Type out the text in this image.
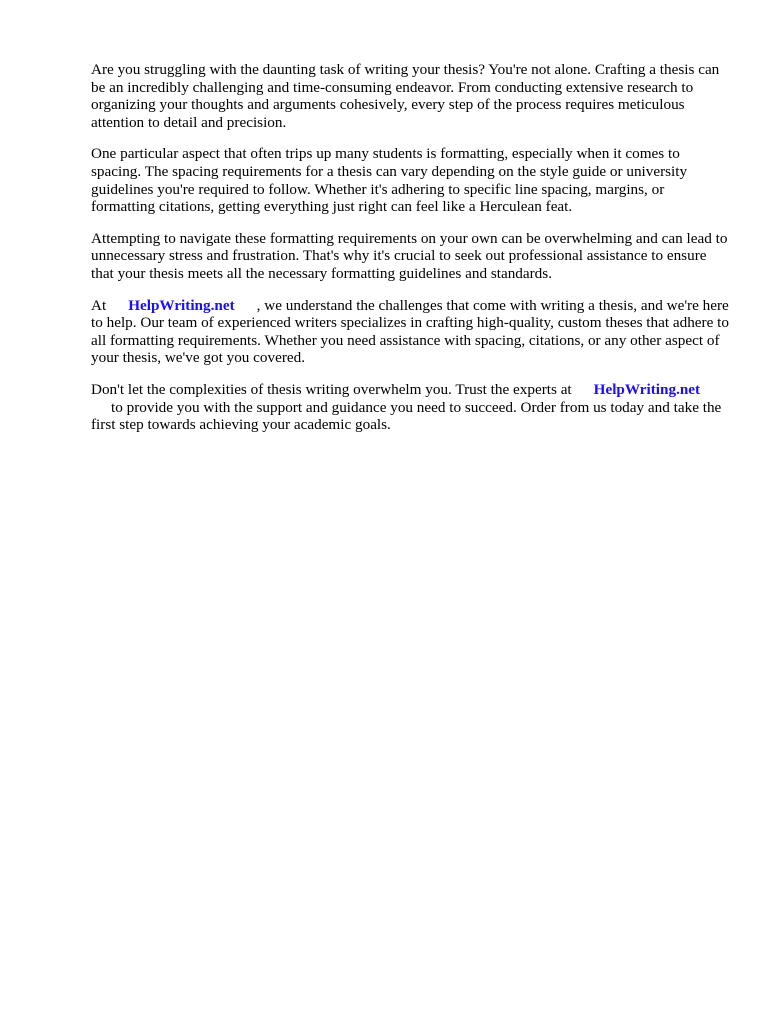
Are you struggling with the daunting task of writing your thesis? You're not alone. Crafting a thesis can be an incredibly challenging and time-consuming endeavor. From conducting extensive research to organizing your thoughts and arguments cohesively, every step of the process requires meticulous attention to detail and precision.

One particular aspect that often trips up many students is formatting, especially when it comes to spacing. The spacing requirements for a thesis can vary depending on the style guide or university guidelines you're required to follow. Whether it's adhering to specific line spacing, margins, or formatting citations, getting everything just right can feel like a Herculean feat.

Attempting to navigate these formatting requirements on your own can be overwhelming and can lead to unnecessary stress and frustration. That's why it's crucial to seek out professional assistance to ensure that your thesis meets all the necessary formatting guidelines and standards.

At HelpWriting.net , we understand the challenges that come with writing a thesis, and we're here to help. Our team of experienced writers specializes in crafting high-quality, custom theses that adhere to all formatting requirements. Whether you need assistance with spacing, citations, or any other aspect of your thesis, we've got you covered.

Don't let the complexities of thesis writing overwhelm you. Trust the experts at HelpWriting.net
to provide you with the support and guidance you need to succeed. Order from us today and take the first step towards achieving your academic goals.
